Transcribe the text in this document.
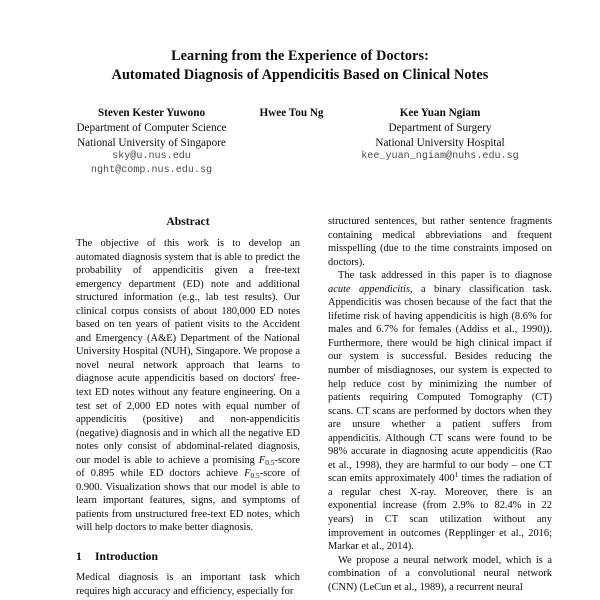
Learning from the Experience of Doctors:
Automated Diagnosis of Appendicitis Based on Clinical Notes
Steven Kester Yuwono
Department of Computer Science
National University of Singapore
sky@u.nus.edu
nght@comp.nus.edu.sg
Hwee Tou Ng	Kee Yuan Ngiam
Department of Surgery
National University Hospital
kee_yuan_ngiam@nuhs.edu.sg
Abstract

The objective of this work is to develop an automated diagnosis system that is able to predict the probability of appendicitis given a free-text emergency department (ED) note and additional structured information (e.g., lab test results). Our clinical corpus consists of about 180,000 ED notes based on ten years of patient visits to the Accident and Emergency (A&E) Department of the National University Hospital (NUH), Singapore. We propose a novel neural network approach that learns to diagnose acute appendicitis based on doctors' free-text ED notes without any feature engineering. On a test set of 2,000 ED notes with equal number of appendicitis (positive) and non-appendicitis (negative) diagnosis and in which all the negative ED notes only consist of abdominal-related diagnosis, our model is able to achieve a promising $F_{0.5}$-score of 0.895 while ED doctors achieve $F_{0.5}$-score of 0.900. Visualization shows that our model is able to learn important features, signs, and symptoms of patients from unstructured free-text ED notes, which will help doctors to make better diagnosis.

1	Introduction

Medical diagnosis is an important task which requires high accuracy and efficiency, especially for

structured sentences, but rather sentence fragments containing medical abbreviations and frequent misspelling (due to the time constraints imposed on doctors).

The task addressed in this paper is to diagnose acute appendicitis, a binary classification task. Appendicitis was chosen because of the fact that the lifetime risk of having appendicitis is high (8.6% for males and 6.7% for females (Addiss et al., 1990)). Furthermore, there would be high clinical impact if our system is successful. Besides reducing the number of misdiagnoses, our system is expected to help reduce cost by minimizing the number of patients requiring Computed Tomography (CT) scans. CT scans are performed by doctors when they are unsure whether a patient suffers from appendicitis. Although CT scans were found to be 98% accurate in diagnosing acute appendicitis (Rao et al., 1998), they are harmful to our body – one CT scan emits approximately 400$^1$ times the radiation of a regular chest X-ray. Moreover, there is an exponential increase (from 2.9% to 82.4% in 22 years) in CT scan utilization without any improvement in outcomes (Repplinger et al., 2016; Markar et al., 2014).

We propose a neural network model, which is a combination of a convolutional neural network (CNN) (LeCun et al., 1989), a recurrent neural
